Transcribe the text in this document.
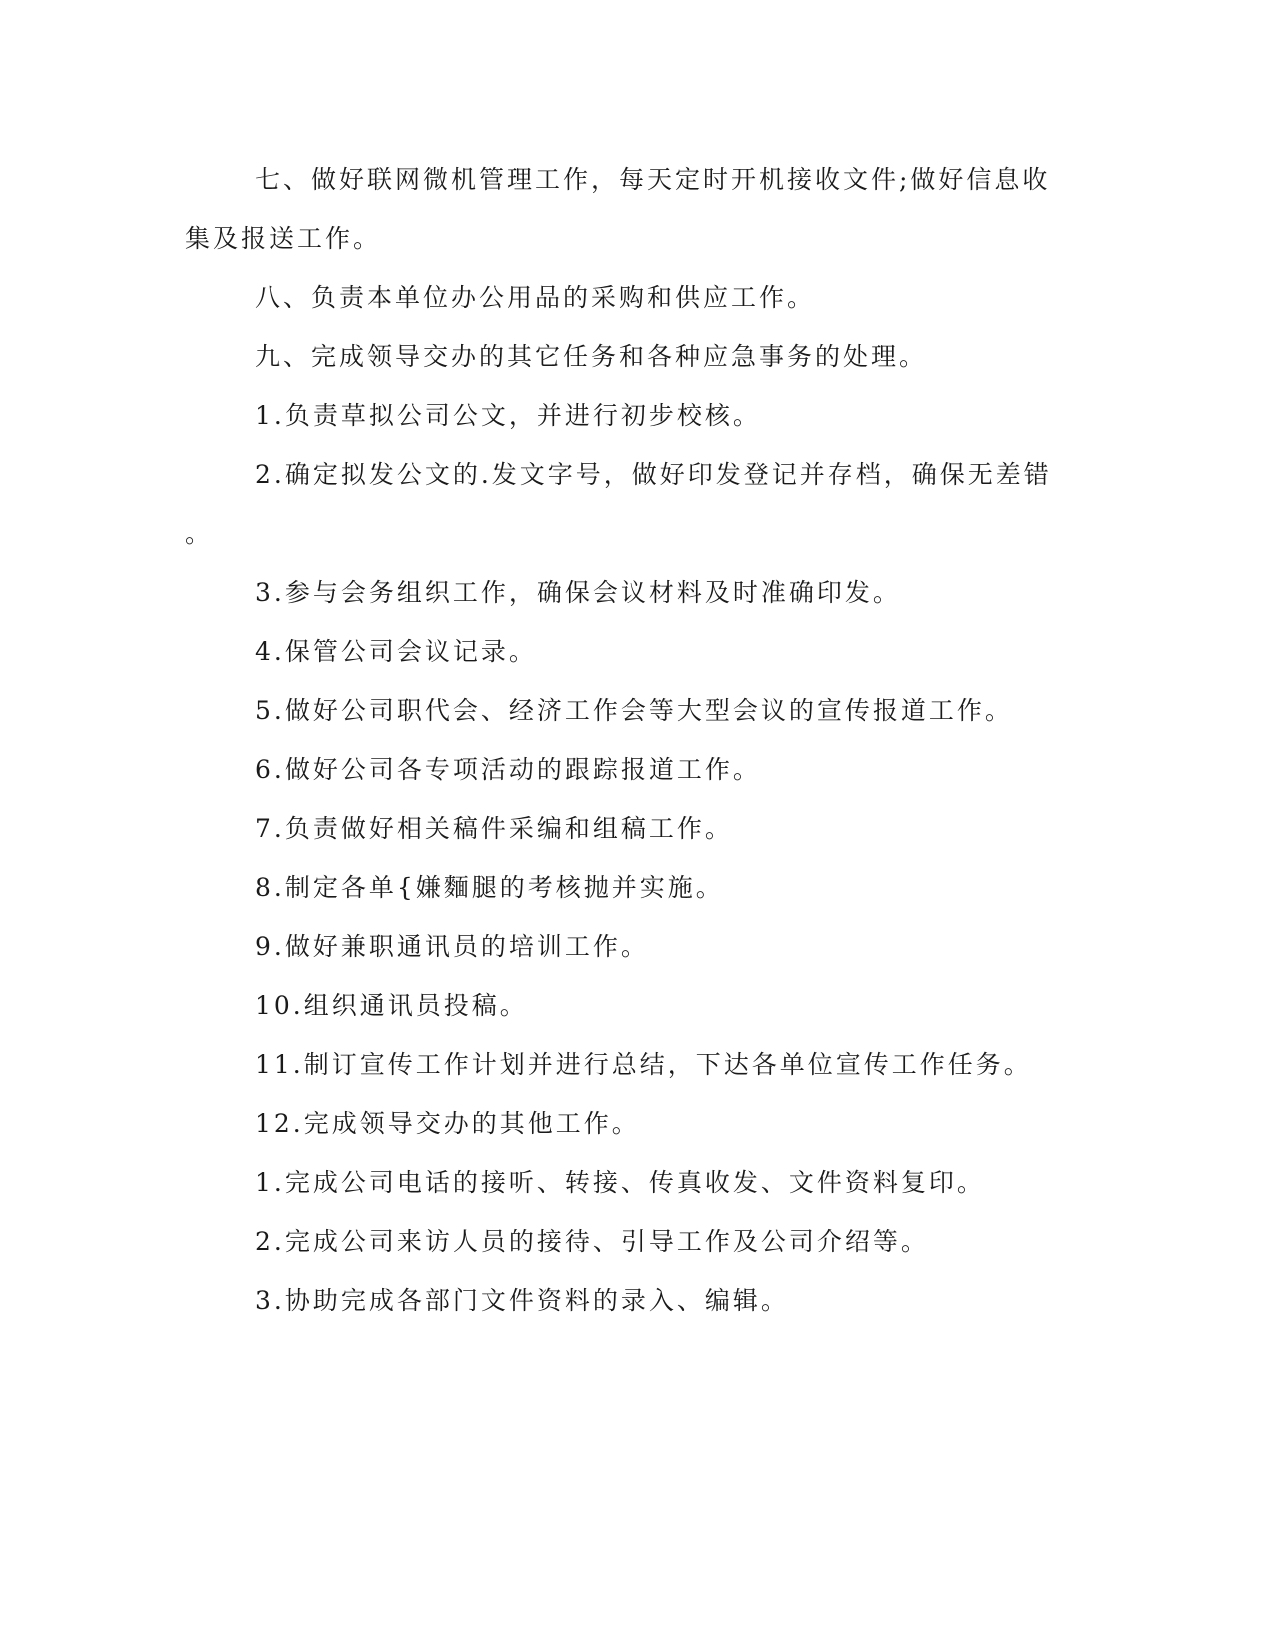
七、做好联网微机管理工作，每天定时开机接收文件;做好信息收

集及报送工作。

八、负责本单位办公用品的采购和供应工作。

九、完成领导交办的其它任务和各种应急事务的处理。

1.负责草拟公司公文，并进行初步校核。

2.确定拟发公文的.发文字号，做好印发登记并存档，确保无差错

。

3.参与会务组织工作，确保会议材料及时准确印发。

4.保管公司会议记录。

5.做好公司职代会、经济工作会等大型会议的宣传报道工作。

6.做好公司各专项活动的跟踪报道工作。

7.负责做好相关稿件采编和组稿工作。

8.制定各单{嫌麵腿的考核抛并实施。

9.做好兼职通讯员的培训工作。

10.组织通讯员投稿。

11.制订宣传工作计划并进行总结，下达各单位宣传工作任务。

12.完成领导交办的其他工作。

1.完成公司电话的接听、转接、传真收发、文件资料复印。

2.完成公司来访人员的接待、引导工作及公司介绍等。

3.协助完成各部门文件资料的录入、编辑。
